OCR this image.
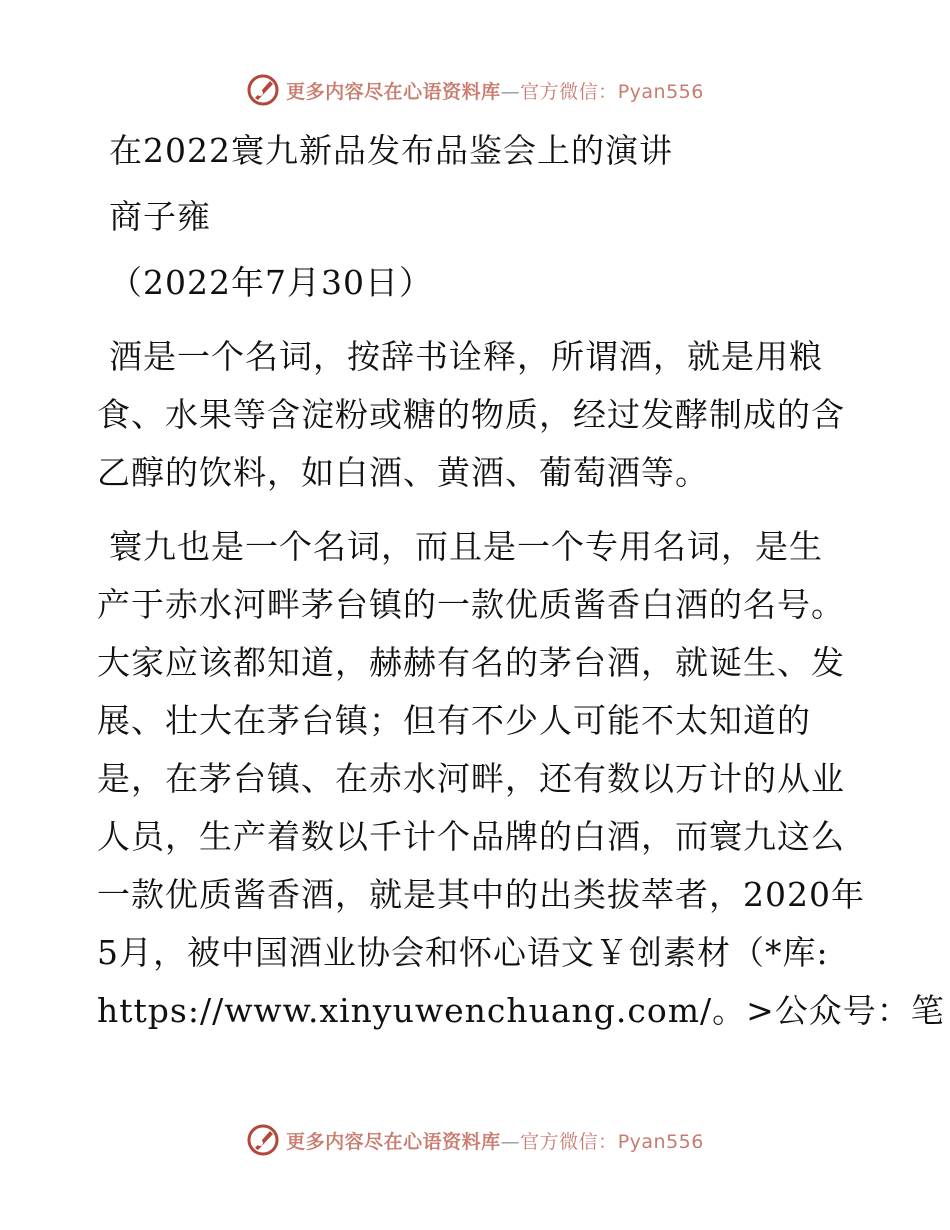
更多内容尽在心语资料库—官方微信：Pyan556
在2022寰九新品发布品鉴会上的演讲
商子雍
（2022年7月30日）
酒是一个名词，按辞书诠释，所谓酒，就是用粮
食、水果等含淀粉或糖的物质，经过发酵制成的含
乙醇的饮料，如白酒、黄酒、葡萄酒等。
寰九也是一个名词，而且是一个专用名词，是生
产于赤水河畔茅台镇的一款优质酱香白酒的名号。
大家应该都知道，赫赫有名的茅台酒，就诞生、发
展、壮大在茅台镇；但有不少人可能不太知道的
是，在茅台镇、在赤水河畔，还有数以万计的从业
人员，生产着数以千计个品牌的白酒，而寰九这么
一款优质酱香酒，就是其中的出类拔萃者，2020年
5月，被中国酒业协会和怀心语文￥创素材（*库:
https://www.xinyuwenchuang.com/。>公众号：笔
更多内容尽在心语资料库—官方微信：Pyan556
